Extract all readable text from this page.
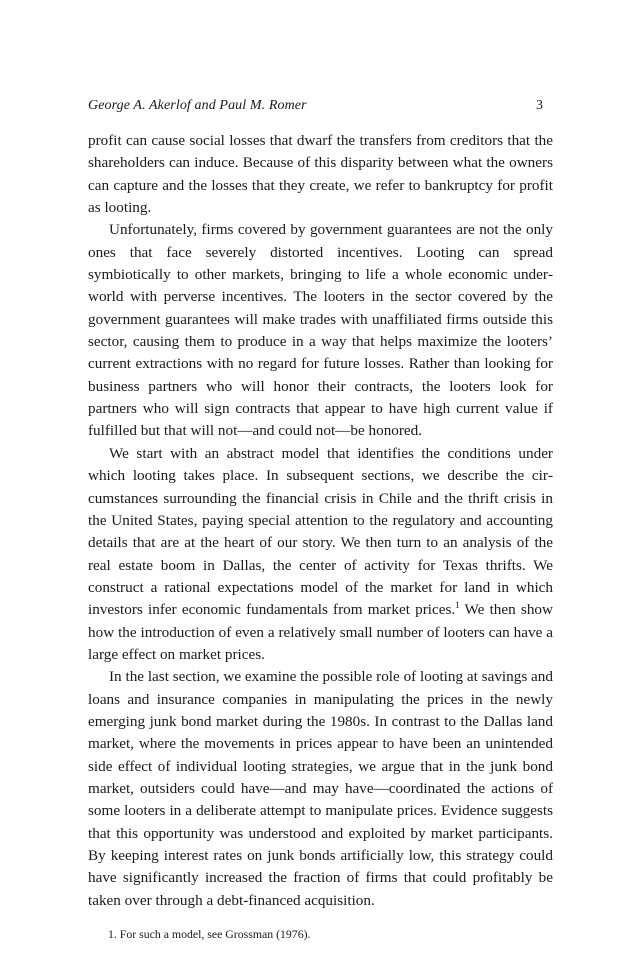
George A. Akerlof and Paul M. Romer	3

profit can cause social losses that dwarf the transfers from creditors that the shareholders can induce. Because of this disparity between what the owners can capture and the losses that they create, we refer to bankruptcy for profit as looting.

Unfortunately, firms covered by government guarantees are not the only ones that face severely distorted incentives. Looting can spread symbiotically to other markets, bringing to life a whole economic underworld with perverse incentives. The looters in the sector covered by the government guarantees will make trades with unaffiliated firms outside this sector, causing them to produce in a way that helps maximize the looters’ current extractions with no regard for future losses. Rather than looking for business partners who will honor their contracts, the looters look for partners who will sign contracts that appear to have high current value if fulfilled but that will not—and could not—be honored.

We start with an abstract model that identifies the conditions under which looting takes place. In subsequent sections, we describe the circumstances surrounding the financial crisis in Chile and the thrift crisis in the United States, paying special attention to the regulatory and accounting details that are at the heart of our story. We then turn to an analysis of the real estate boom in Dallas, the center of activity for Texas thrifts. We construct a rational expectations model of the market for land in which investors infer economic fundamentals from market prices.$^1$ We then show how the introduction of even a relatively small number of looters can have a large effect on market prices.

In the last section, we examine the possible role of looting at savings and loans and insurance companies in manipulating the prices in the newly emerging junk bond market during the 1980s. In contrast to the Dallas land market, where the movements in prices appear to have been an unintended side effect of individual looting strategies, we argue that in the junk bond market, outsiders could have—and may have—coordinated the actions of some looters in a deliberate attempt to manipulate prices. Evidence suggests that this opportunity was understood and exploited by market participants. By keeping interest rates on junk bonds artificially low, this strategy could have significantly increased the fraction of firms that could profitably be taken over through a debt-financed acquisition.

1. For such a model, see Grossman (1976).
